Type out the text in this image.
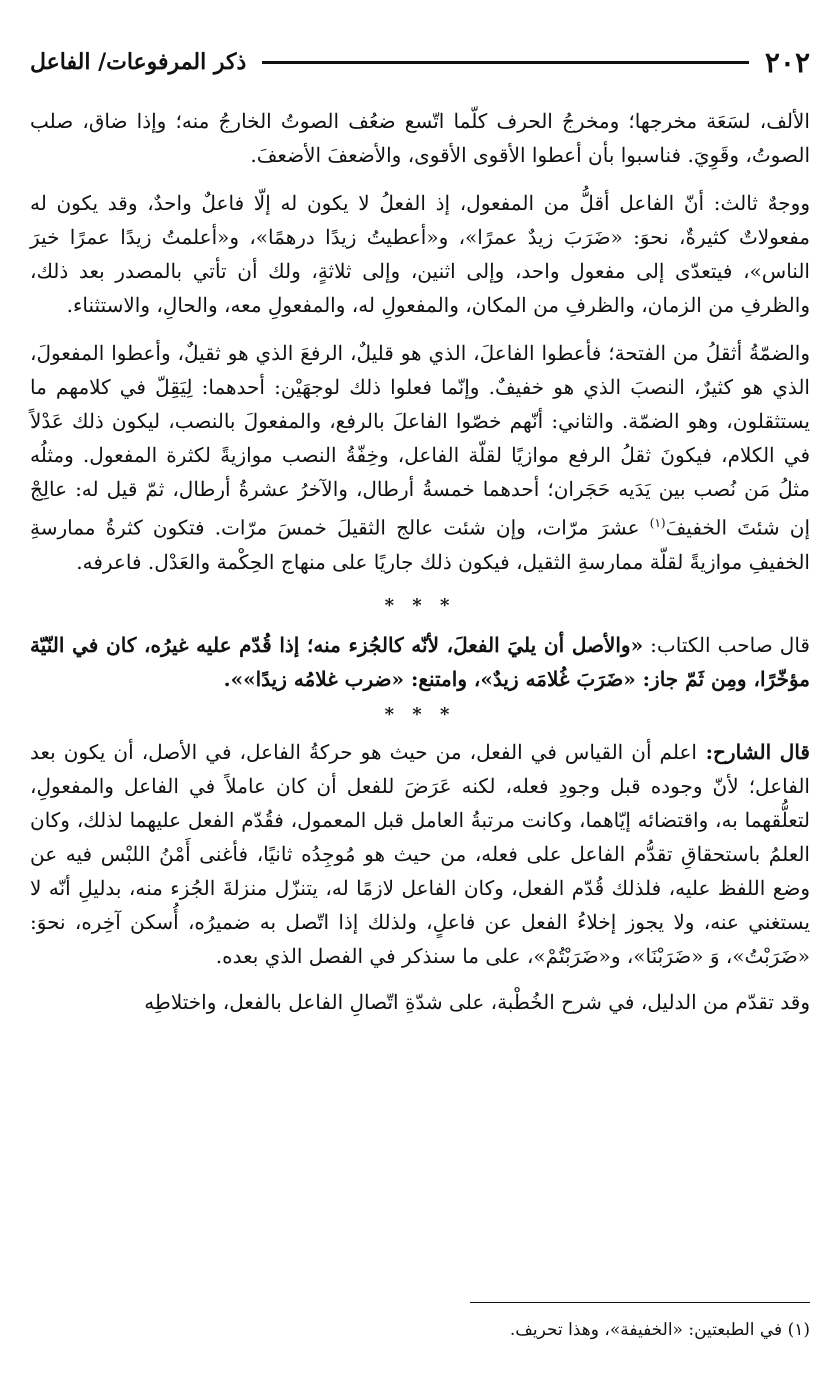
٢٠٢
ذكر المرفوعات/ الفاعل

الألف، لسَعَة مخرجها؛ ومخرجُ الحرف كلّما اتّسع ضعُف الصوتُ الخارجُ منه؛ وإذا ضاق، صلب الصوتُ، وقَوِيَ. فناسبوا بأن أعطوا الأقوى الأقوى، والأضعفَ الأضعفَ.

ووجهٌ ثالث: أنّ الفاعل أقلُّ من المفعول، إذ الفعلُ لا يكون له إلّا فاعلٌ واحدٌ، وقد يكون له مفعولاتٌ كثيرةٌ، نحوَ: «ضَرَبَ زيدٌ عمرًا»، و«أعطيتُ زيدًا درهمًا»، و«أعلمتُ زيدًا عمرًا خيرَ الناس»، فيتعدّى إلى مفعول واحد، وإلى اثنين، وإلى ثلاثةٍ، ولك أن تأتي بالمصدر بعد ذلك، والظرفِ من الزمان، والظرفِ من المكان، والمفعولِ له، والمفعولِ معه، والحالِ، والاستثناء.

والضمّةُ أثقلُ من الفتحة؛ فأعطوا الفاعلَ، الذي هو قليلٌ، الرفعَ الذي هو ثقيلٌ، وأعطوا المفعولَ، الذي هو كثيرٌ، النصبَ الذي هو خفيفٌ. وإنّما فعلوا ذلك لوجهَيْن: أحدهما: لِيَقِلّ في كلامهم ما يستثقلون، وهو الضمّة. والثاني: أنّهم خصّوا الفاعلَ بالرفع، والمفعولَ بالنصب، ليكون ذلك عَدْلاً في الكلام، فيكونَ ثقلُ الرفع موازيًا لقلّة الفاعل، وخِفّةُ النصب موازيةً لكثرة المفعول. ومثلُه مثلُ مَن نُصب بين يَدَيه حَجَران؛ أحدهما خمسةُ أرطال، والآخرُ عشرةُ أرطال، ثمّ قيل له: عالِجْ إن شئتَ الخفيفَ$^{(١)}$ عشرَ مرّات، وإن شئت عالج الثقيلَ خمسَ مرّات. فتكون كثرةُ ممارسةِ الخفيفِ موازيةً لقلّة ممارسةِ الثقيل، فيكون ذلك جاريًا على منهاج الحِكْمة والعَدْل. فاعرفه.

* * *

قال صاحب الكتاب: «والأصل أن يليَ الفعلَ، لأنّه كالجُزء منه؛ إذا قُدّم عليه غيرُه، كان في النّيّة مؤخّرًا، ومِن ثَمّ جاز: «ضَرَبَ غُلامَه زيدٌ»، وامتنع: «ضرب غلامُه زيدًا»».

* * *

قال الشارح: اعلم أن القياس في الفعل، من حيث هو حركةُ الفاعل، في الأصل، أن يكون بعد الفاعل؛ لأنّ وجوده قبل وجودِ فعله، لكنه عَرَضَ للفعل أن كان عاملاً في الفاعل والمفعولِ، لتعلُّقهما به، واقتضائه إيّاهما، وكانت مرتبةُ العامل قبل المعمول، فقُدّم الفعل عليهما لذلك، وكان العلمُ باستحقاقِ تقدُّم الفاعل على فعله، من حيث هو مُوجِدُه ثانيًا، فأغنى أَمْنُ اللبْس فيه عن وضع اللفظ عليه، فلذلك قُدّم الفعل، وكان الفاعل لازمًا له، يتنزّل منزلةَ الجُزء منه، بدليلِ أنّه لا يستغني عنه، ولا يجوز إخلاءُ الفعل عن فاعلٍ، ولذلك إذا اتّصل به ضميرُه، أُسكن آخِره، نحوَ: «ضَرَبْتُ»، وَ «ضَرَبْنَا»، و«ضَرَبْتُمْ»، على ما سنذكر في الفصل الذي بعده.

وقد تقدّم من الدليل، في شرح الخُطْبة، على شدّةِ اتّصالِ الفاعل بالفعل، واختلاطِه

(١) في الطبعتين: «الخفيفة»، وهذا تحريف.
